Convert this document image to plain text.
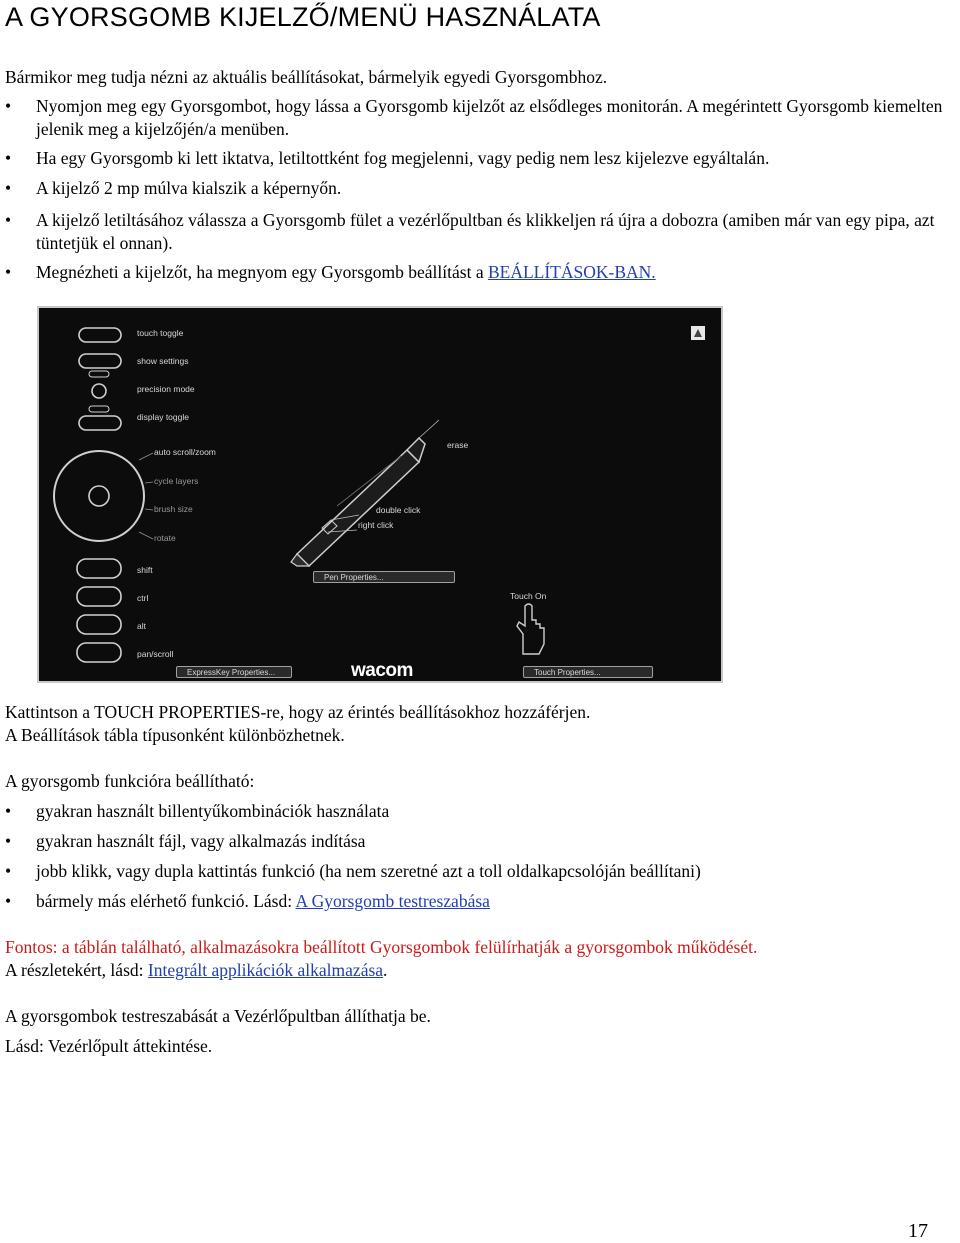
A GYORSGOMB KIJELZŐ/MENÜ HASZNÁLATA
Bármikor meg tudja nézni az aktuális beállításokat, bármelyik egyedi Gyorsgombhoz.
• Nyomjon meg egy Gyorsgombot, hogy lássa a Gyorsgomb kijelzőt az elsődleges monitorán. A megérintett Gyorsgomb kiemelten jelenik meg a kijelzőjén/a menüben.
• Ha egy Gyorsgomb ki lett iktatva, letiltottként fog megjelenni, vagy pedig nem lesz kijelezve egyáltalán.
• A kijelző 2 mp múlva kialszik a képernyőn.
• A kijelző letiltásához válassza a Gyorsgomb fület a vezérlőpultban és klikkeljen rá újra a dobozra (amiben már van egy pipa, azt tüntetjük el onnan).
• Megnézheti a kijelzőt, ha megnyom egy Gyorsgomb beállítást a BEÁLLÍTÁSOK-BAN.
touch toggle
show settings
precision mode
display toggle
auto scroll/zoom
cycle layers
brush size
rotate
shift
ctrl
alt
pan/scroll
erase
double click
right click
Touch On
Pen Properties...
ExpressKey Properties...	Touch Properties...
wacom
Kattintson a TOUCH PROPERTIES-re, hogy az érintés beállításokhoz hozzáférjen.
A Beállítások tábla típusonként különbözhetnek.
A gyorsgomb funkcióra beállítható:
• gyakran használt billentyűkombinációk használata
• gyakran használt fájl, vagy alkalmazás indítása
• jobb klikk, vagy dupla kattintás funkció (ha nem szeretné azt a toll oldalkapcsolóján beállítani)
• bármely más elérhető funkció. Lásd: A Gyorsgomb testreszabása
Fontos: a táblán található, alkalmazásokra beállított Gyorsgombok felülírhatják a gyorsgombok működését.
A részletekért, lásd: Integrált applikációk alkalmazása.
A gyorsgombok testreszabását a Vezérlőpultban állíthatja be.
Lásd: Vezérlőpult áttekintése.
17
